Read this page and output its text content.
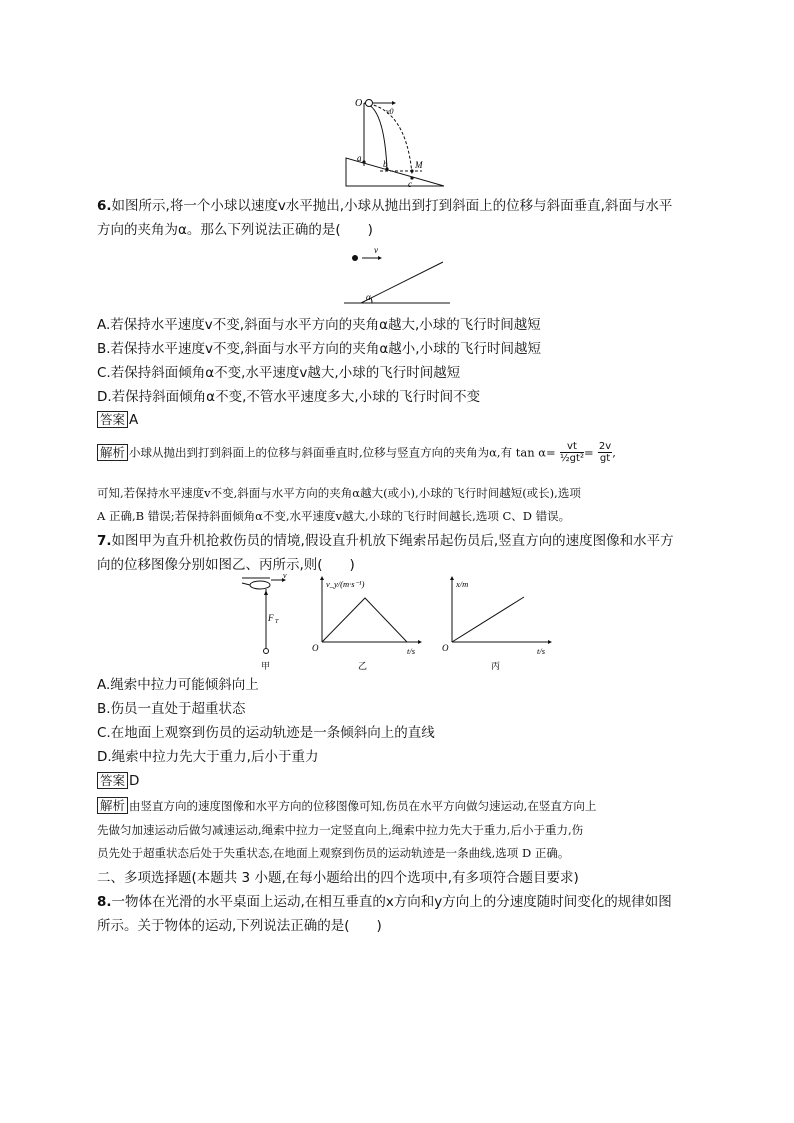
O
v0
a
b	M
c
6.如图所示,将一个小球以速度v水平抛出,小球从抛出到打到斜面上的位移与斜面垂直,斜面与水平
方向的夹角为α。那么下列说法正确的是(　　)
v
α
A.若保持水平速度v不变,斜面与水平方向的夹角α越大,小球的飞行时间越短
B.若保持水平速度v不变,斜面与水平方向的夹角α越小,小球的飞行时间越短
C.若保持斜面倾角α不变,水平速度v越大,小球的飞行时间越短
D.若保持斜面倾角α不变,不管水平速度多大,小球的飞行时间不变
答案 A
解析 小球从抛出到打到斜面上的位移与斜面垂直时,位移与竖直方向的夹角为α,有 $\tan \alpha= \frac{vt}{\text{½gt²}} = \frac{2v}{gt}$ ,
可知,若保持水平速度v不变,斜面与水平方向的夹角α越大(或小),小球的飞行时间越短(或长),选项
A 正确,B 错误;若保持斜面倾角α不变,水平速度v越大,小球的飞行时间越长,选项 C、D 错误。
7.如图甲为直升机抢救伤员的情境,假设直升机放下绳索吊起伤员后,竖直方向的速度图像和水平方
向的位移图像分别如图乙、丙所示,则(　　)
v
F T
甲
v_y/(m·s⁻¹)
t/s
O
乙
x/m
t/s
O
丙
A.绳索中拉力可能倾斜向上
B.伤员一直处于超重状态
C.在地面上观察到伤员的运动轨迹是一条倾斜向上的直线
D.绳索中拉力先大于重力,后小于重力
答案 D
解析 由竖直方向的速度图像和水平方向的位移图像可知,伤员在水平方向做匀速运动,在竖直方向上
先做匀加速运动后做匀减速运动,绳索中拉力一定竖直向上,绳索中拉力先大于重力,后小于重力,伤
员先处于超重状态后处于失重状态,在地面上观察到伤员的运动轨迹是一条曲线,选项 D 正确。
二、多项选择题(本题共 3 小题,在每小题给出的四个选项中,有多项符合题目要求)
8.一物体在光滑的水平桌面上运动,在相互垂直的x方向和y方向上的分速度随时间变化的规律如图
所示。关于物体的运动,下列说法正确的是(　　)
